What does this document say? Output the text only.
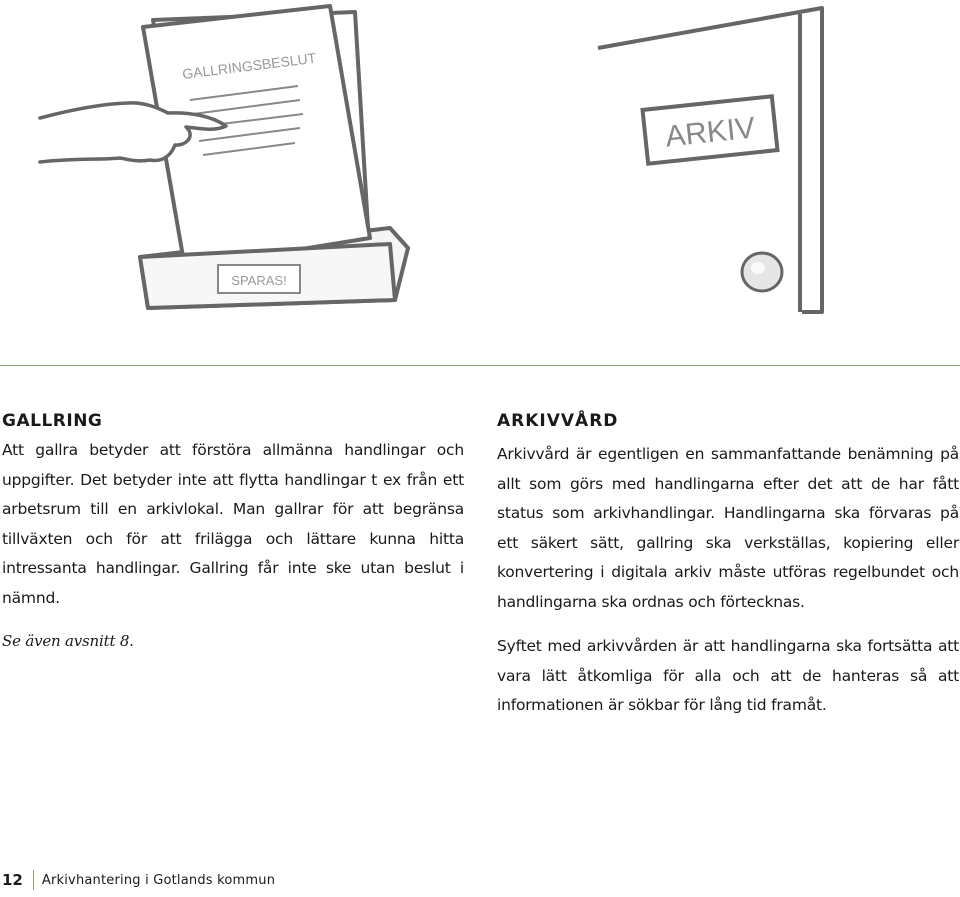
GALLRINGSBESLUT
SPARAS!
ARKIV
GALLRING

Att gallra betyder att förstöra allmänna handlingar och uppgifter. Det betyder inte att flytta handlingar t ex från ett arbetsrum till en arkivlokal. Man gallrar för att begränsa tillväxten och för att frilägga och lättare kunna hitta intressanta handlingar. Gallring får inte ske utan beslut i nämnd.

Se även avsnitt 8.

ARKIVVÅRD

Arkivvård är egentligen en sammanfattande benämning på allt som görs med handlingarna efter det att de har fått status som arkivhandlingar. Handlingarna ska förvaras på ett säkert sätt, gallring ska verkställas, kopiering eller konvertering i digitala arkiv måste utföras regelbundet och handlingarna ska ordnas och förtecknas.

Syftet med arkivvården är att handlingarna ska fortsätta att vara lätt åtkomliga för alla och att de hanteras så att informationen är sökbar för lång tid framåt.

12 Arkivhantering i Gotlands kommun
